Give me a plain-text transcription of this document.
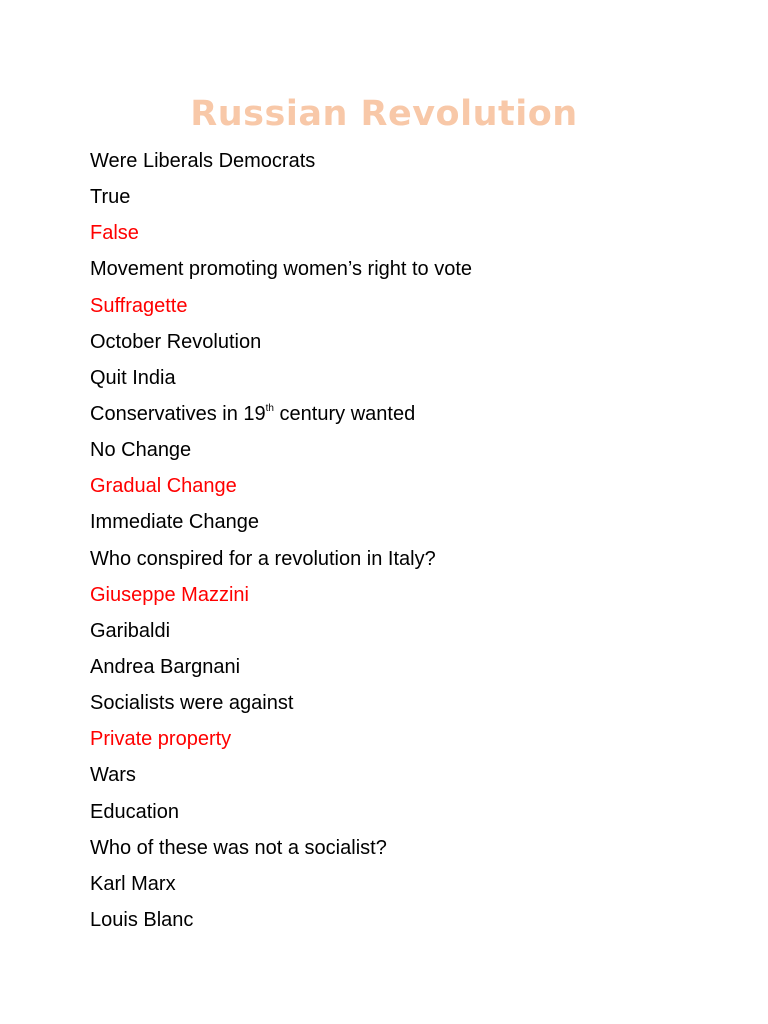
Russian Revolution
Were Liberals Democrats
True
False
Movement promoting women’s right to vote
Suffragette
October Revolution
Quit India
Conservatives in 19th century wanted
No Change
Gradual Change
Immediate Change
Who conspired for a revolution in Italy?
Giuseppe Mazzini
Garibaldi
Andrea Bargnani
Socialists were against
Private property
Wars
Education
Who of these was not a socialist?
Karl Marx
Louis Blanc
